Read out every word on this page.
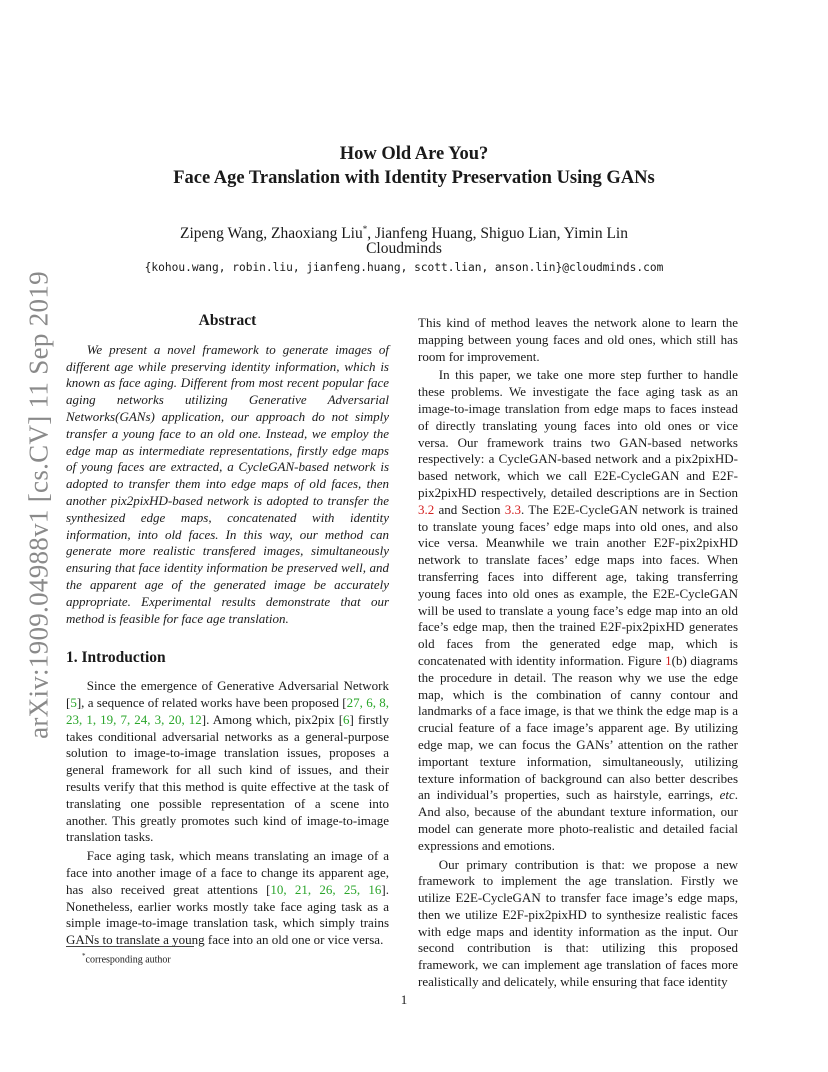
arXiv:1909.04988v1 [cs.CV] 11 Sep 2019
How Old Are You?
Face Age Translation with Identity Preservation Using GANs
Zipeng Wang, Zhaoxiang Liu*, Jianfeng Huang, Shiguo Lian, Yimin Lin
Cloudminds
{kohou.wang, robin.liu, jianfeng.huang, scott.lian, anson.lin}@cloudminds.com
Abstract

We present a novel framework to generate images of different age while preserving identity information, which is known as face aging. Different from most recent popular face aging networks utilizing Generative Adversarial Networks(GANs) application, our approach do not simply transfer a young face to an old one. Instead, we employ the edge map as intermediate representations, firstly edge maps of young faces are extracted, a CycleGAN-based network is adopted to transfer them into edge maps of old faces, then another pix2pixHD-based network is adopted to transfer the synthesized edge maps, concatenated with identity information, into old faces. In this way, our method can generate more realistic transfered images, simultaneously ensuring that face identity information be preserved well, and the apparent age of the generated image be accurately appropriate. Experimental results demonstrate that our method is feasible for face age translation.

1. Introduction

Since the emergence of Generative Adversarial Network [5], a sequence of related works have been proposed [27, 6, 8, 23, 1, 19, 7, 24, 3, 20, 12]. Among which, pix2pix [6] firstly takes conditional adversarial networks as a general-purpose solution to image-to-image translation issues, proposes a general framework for all such kind of issues, and their results verify that this method is quite effective at the task of translating one possible representation of a scene into another. This greatly promotes such kind of image-to-image translation tasks.

Face aging task, which means translating an image of a face into another image of a face to change its apparent age, has also received great attentions [10, 21, 26, 25, 16]. Nonetheless, earlier works mostly take face aging task as a simple image-to-image translation task, which simply trains GANs to translate a young face into an old one or vice versa.

This kind of method leaves the network alone to learn the mapping between young faces and old ones, which still has room for improvement.

In this paper, we take one more step further to handle these problems. We investigate the face aging task as an image-to-image translation from edge maps to faces instead of directly translating young faces into old ones or vice versa. Our framework trains two GAN-based networks respectively: a CycleGAN-based network and a pix2pixHD-based network, which we call E2E-CycleGAN and E2F-pix2pixHD respectively, detailed descriptions are in Section 3.2 and Section 3.3. The E2E-CycleGAN network is trained to translate young faces’ edge maps into old ones, and also vice versa. Meanwhile we train another E2F-pix2pixHD network to translate faces’ edge maps into faces. When transferring faces into different age, taking transferring young faces into old ones as example, the E2E-CycleGAN will be used to translate a young face’s edge map into an old face’s edge map, then the trained E2F-pix2pixHD generates old faces from the generated edge map, which is concatenated with identity information. Figure 1(b) diagrams the procedure in detail. The reason why we use the edge map, which is the combination of canny contour and landmarks of a face image, is that we think the edge map is a crucial feature of a face image’s apparent age. By utilizing edge map, we can focus the GANs’ attention on the rather important texture information, simultaneously, utilizing texture information of background can also better describes an individual’s properties, such as hairstyle, earrings, etc. And also, because of the abundant texture information, our model can generate more photo-realistic and detailed facial expressions and emotions.

Our primary contribution is that: we propose a new framework to implement the age translation. Firstly we utilize E2E-CycleGAN to transfer face image’s edge maps, then we utilize E2F-pix2pixHD to synthesize realistic faces with edge maps and identity information as the input. Our second contribution is that: utilizing this proposed framework, we can implement age translation of faces more realistically and delicately, while ensuring that face identity

*corresponding author
1
